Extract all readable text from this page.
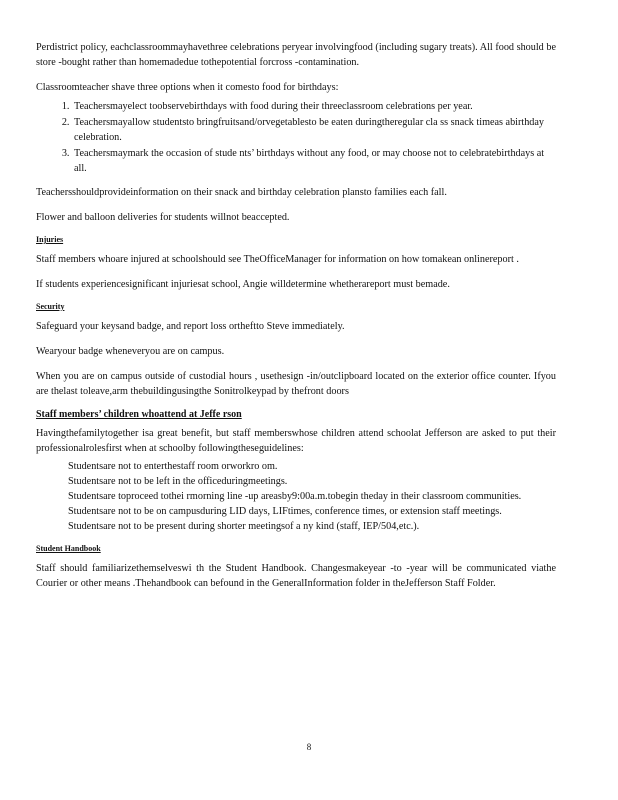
Perdistrict policy, eachclassroommayhavethree celebrations peryear involvingfood (including sugary treats). All food should be store -bought rather than homemadedue tothepotential forcross -contamination.

Classroomteacher shave three options when it comesto food for birthdays:

1. Teachersmayelect toobservebirthdays with food during their threeclassroom celebrations per year.
2. Teachersmayallow studentsto bringfruitsand/orvegetablesto be eaten duringtheregular cla ss snack timeas abirthday celebration.
3. Teachersmaymark the occasion of stude nts’ birthdays without any food, or may choose not to celebratebirthdays at all.

Teachersshouldprovideinformation on their snack and birthday celebration plansto families each fall.

Flower and balloon deliveries for students willnot beaccepted.

Injuries

Staff members whoare injured at schoolshould see TheOfficeManager for information on how tomakean onlinereport .

If students experiencesignificant injuriesat school, Angie willdetermine whetherareport must bemade.

Security

Safeguard your keysand badge, and report loss ortheftto Steve immediately.

Wearyour badge wheneveryou are on campus.

When you are on campus outside of custodial hours , usethesign -in/outclipboard located on the exterior office counter. Ifyou are thelast toleave,arm thebuildingusingthe Sonitrolkeypad by thefront doors

Staff members’ children whoattend at Jeffe rson

Havingthefamilytogether isa great benefit, but staff memberswhose children attend schoolat Jefferson are asked to put their professionalrolesfirst when at schoolby followingtheseguidelines:

Studentsare not to enterthestaff room orworkro om.
Studentsare not to be left in the officeduringmeetings.
Studentsare toproceed tothei rmorning line -up areasby9:00a.m.tobegin theday in their classroom communities.
Studentsare not to be on campusduring LID days, LIFtimes, conference times, or extension staff meetings.
Studentsare not to be present during shorter meetingsof a ny kind (staff, IEP/504,etc.).
Student Handbook

Staff should familiarizethemselveswi th the Student Handbook. Changesmakeyear -to -year will be communicated viathe Courier or other means .Thehandbook can befound in the GeneralInformation folder in theJefferson Staff Folder.

8
